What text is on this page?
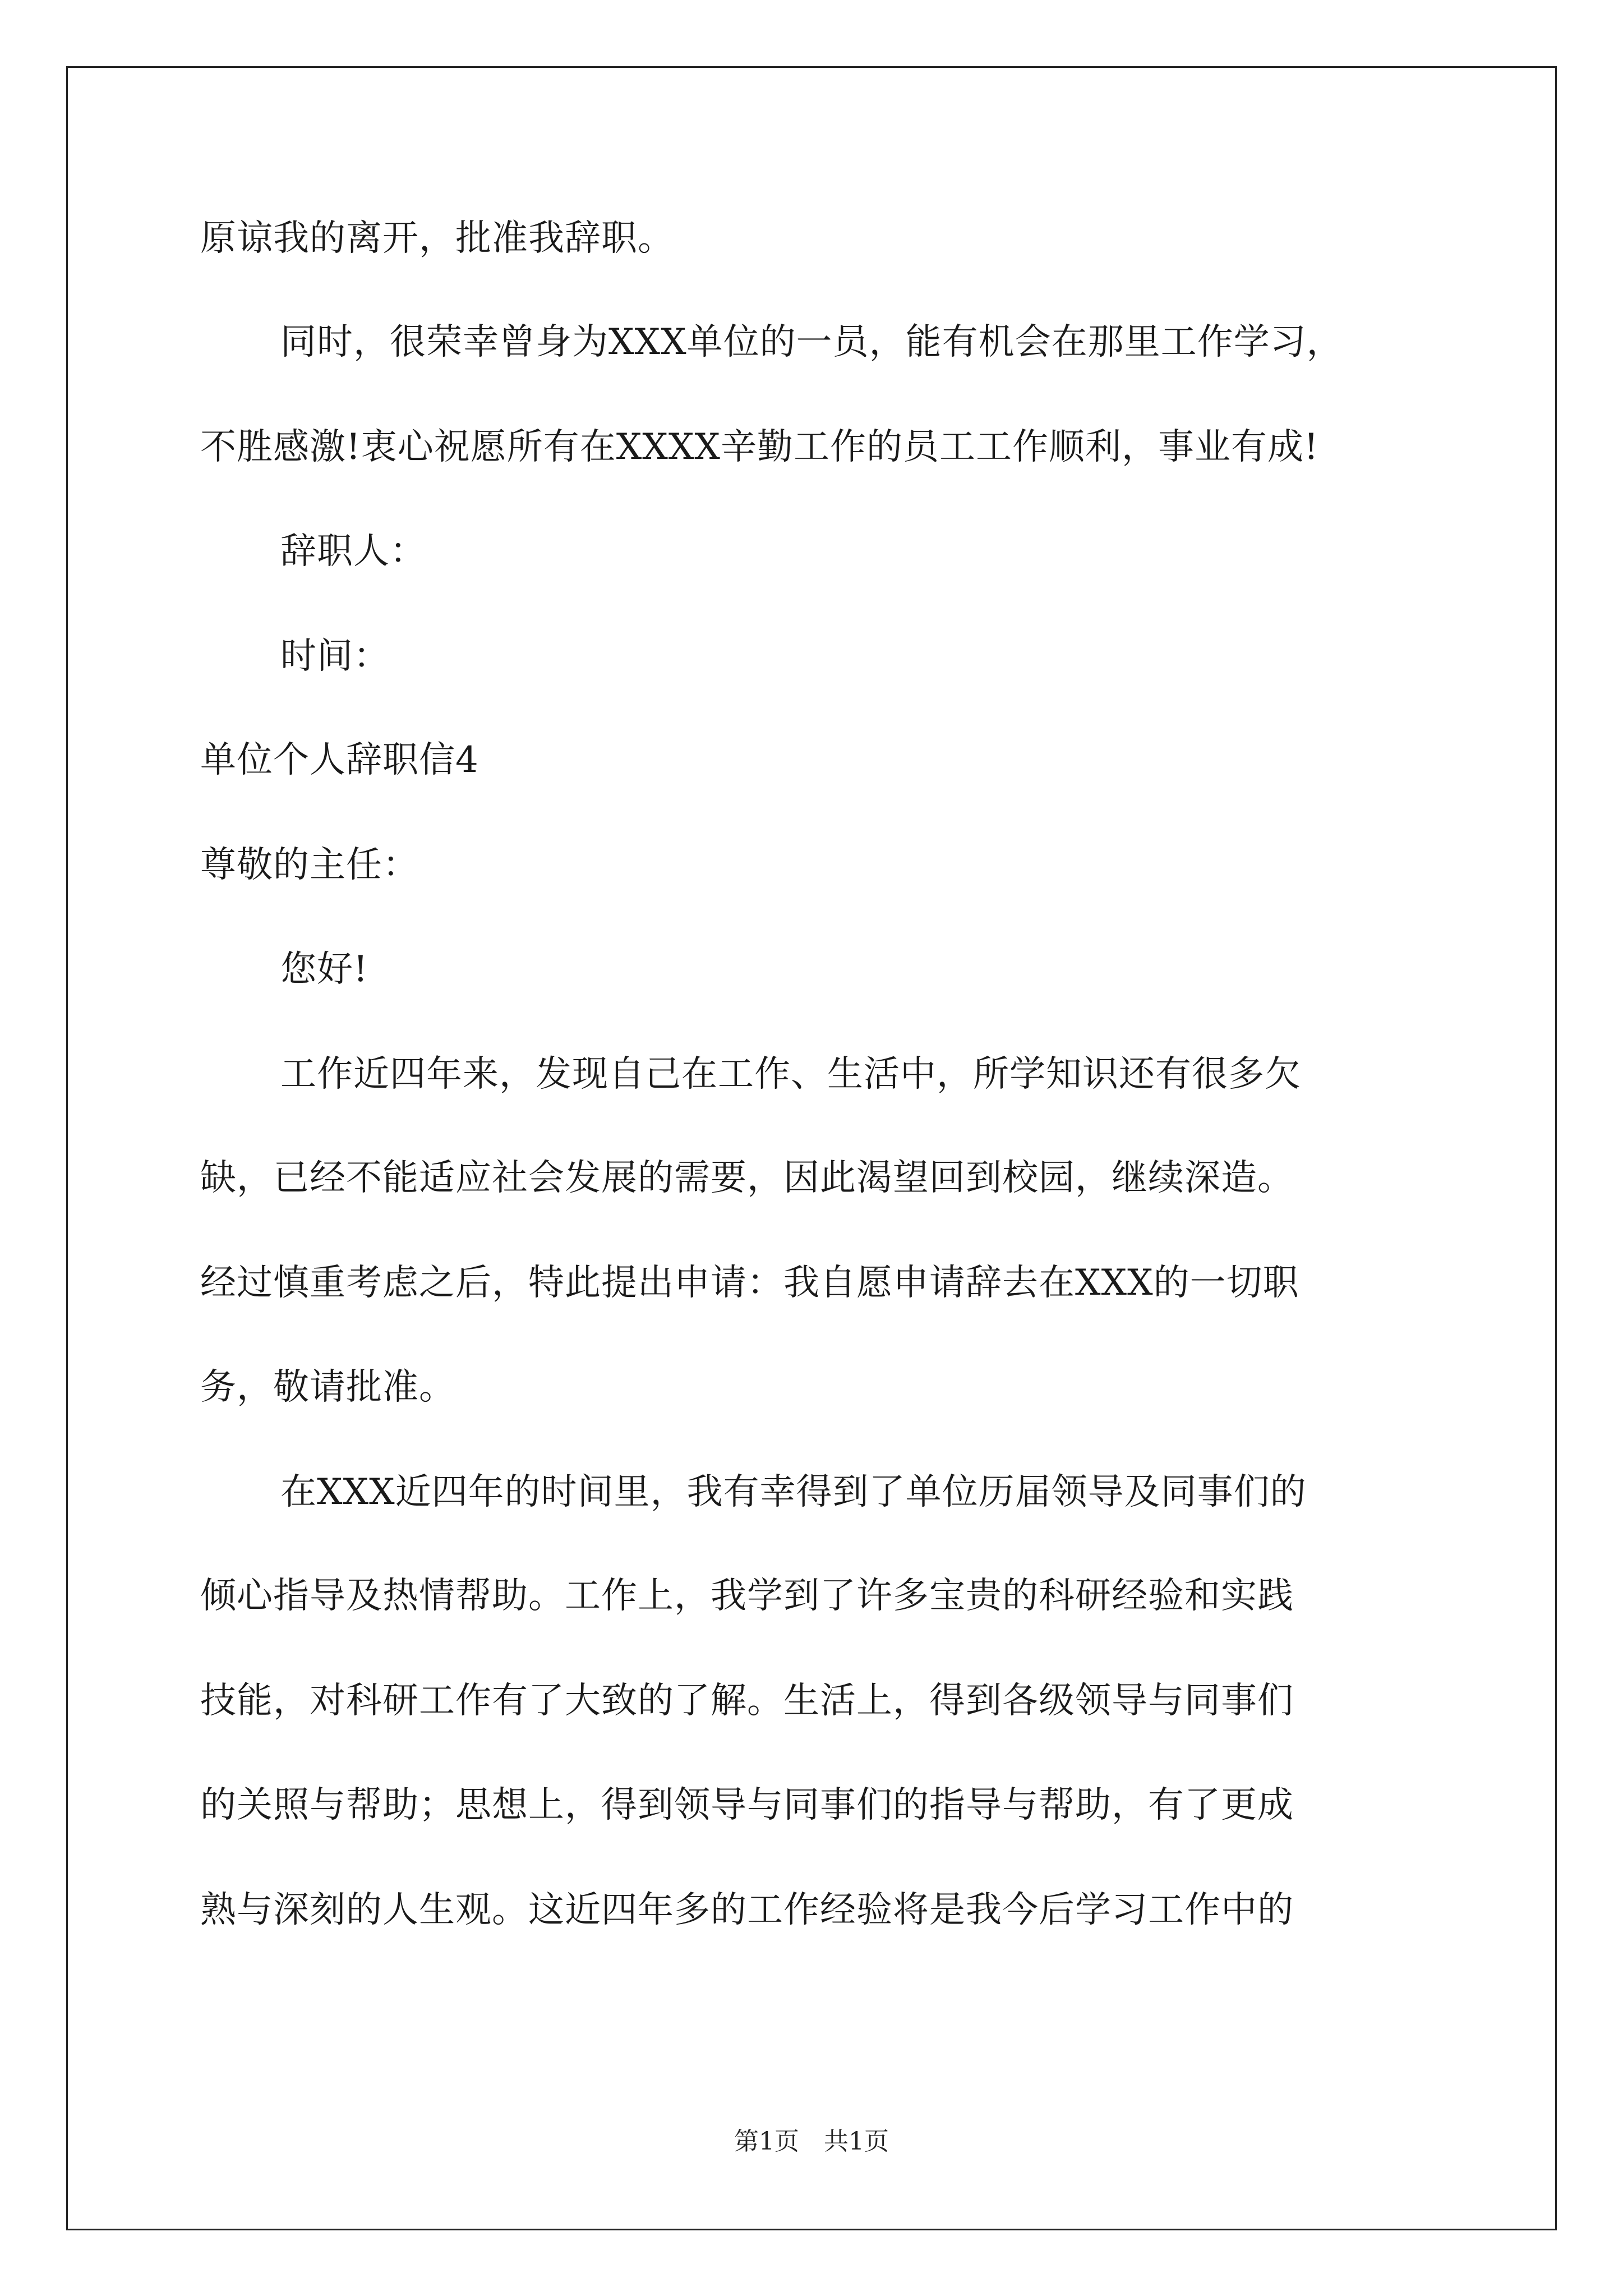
原谅我的离开，批准我辞职。
同时，很荣幸曾身为XXX单位的一员，能有机会在那里工作学习，
不胜感激!衷心祝愿所有在XXXX辛勤工作的员工工作顺利，事业有成!
辞职人：
时间：
单位个人辞职信4
尊敬的主任：
您好!
工作近四年来，发现自己在工作、生活中，所学知识还有很多欠
缺，已经不能适应社会发展的需要，因此渴望回到校园，继续深造。
经过慎重考虑之后，特此提出申请：我自愿申请辞去在XXX的一切职
务，敬请批准。
在XXX近四年的时间里，我有幸得到了单位历届领导及同事们的
倾心指导及热情帮助。工作上，我学到了许多宝贵的科研经验和实践
技能，对科研工作有了大致的了解。生活上，得到各级领导与同事们
的关照与帮助；思想上，得到领导与同事们的指导与帮助，有了更成
熟与深刻的人生观。这近四年多的工作经验将是我今后学习工作中的
第1页　共1页
